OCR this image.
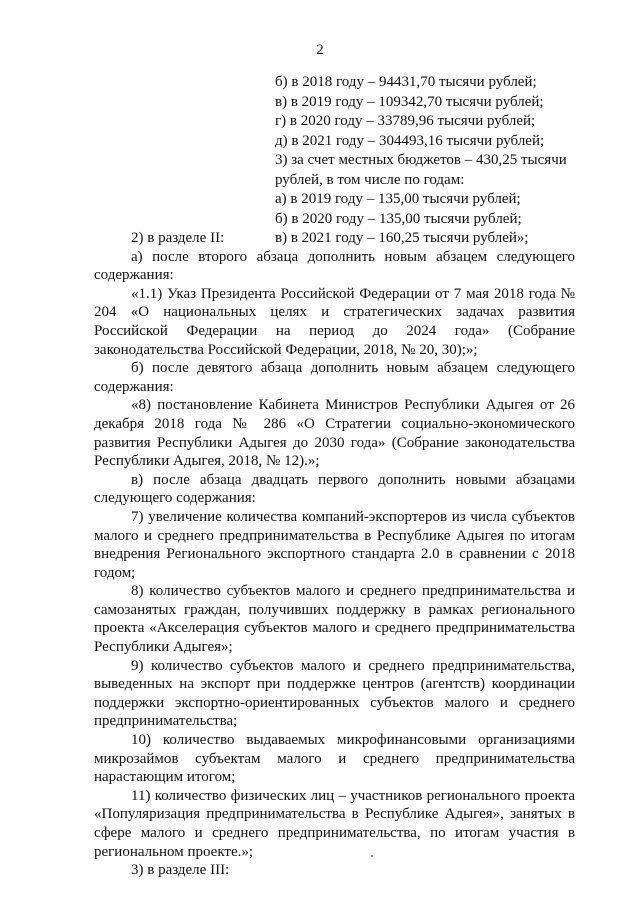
2
б) в 2018 году – 94431,70 тысячи рублей;
в) в 2019 году – 109342,70 тысячи рублей;
г) в 2020 году – 33789,96 тысячи рублей;
д) в 2021 году – 304493,16 тысячи рублей;
3) за счет местных бюджетов – 430,25 тысячи
рублей, в том числе по годам:
а) в 2019 году – 135,00 тысячи рублей;
б) в 2020 году – 135,00 тысячи рублей;
в) в 2021 году – 160,25 тысячи рублей»;

2) в разделе II:

а) после второго абзаца дополнить новым абзацем следующего содержания:

«1.1) Указ Президента Российской Федерации от 7 мая 2018 года № 204 «О национальных целях и стратегических задачах развития Российской Федерации на период до 2024 года» (Собрание законодательства Российской Федерации, 2018, № 20, 30);»;

б) после девятого абзаца дополнить новым абзацем следующего содержания:

«8) постановление Кабинета Министров Республики Адыгея от 26 декабря 2018 года № 286 «О Стратегии социально-экономического развития Республики Адыгея до 2030 года» (Собрание законодательства Республики Адыгея, 2018, № 12).»;

в) после абзаца двадцать первого дополнить новыми абзацами следующего содержания:

7) увеличение количества компаний-экспортеров из числа субъектов малого и среднего предпринимательства в Республике Адыгея по итогам внедрения Регионального экспортного стандарта 2.0 в сравнении с 2018 годом;

8) количество субъектов малого и среднего предпринимательства и самозанятых граждан, получивших поддержку в рамках регионального проекта «Акселерация субъектов малого и среднего предпринимательства Республики Адыгея»;

9) количество субъектов малого и среднего предпринимательства, выведенных на экспорт при поддержке центров (агентств) координации поддержки экспортно-ориентированных субъектов малого и среднего предпринимательства;

10) количество выдаваемых микрофинансовыми организациями микрозаймов субъектам малого и среднего предпринимательства нарастающим итогом;

11) количество физических лиц – участников регионального проекта «Популяризация предпринимательства в Республике Адыгея», занятых в сфере малого и среднего предпринимательства, по итогам участия в региональном проекте.»;

3) в разделе III:
